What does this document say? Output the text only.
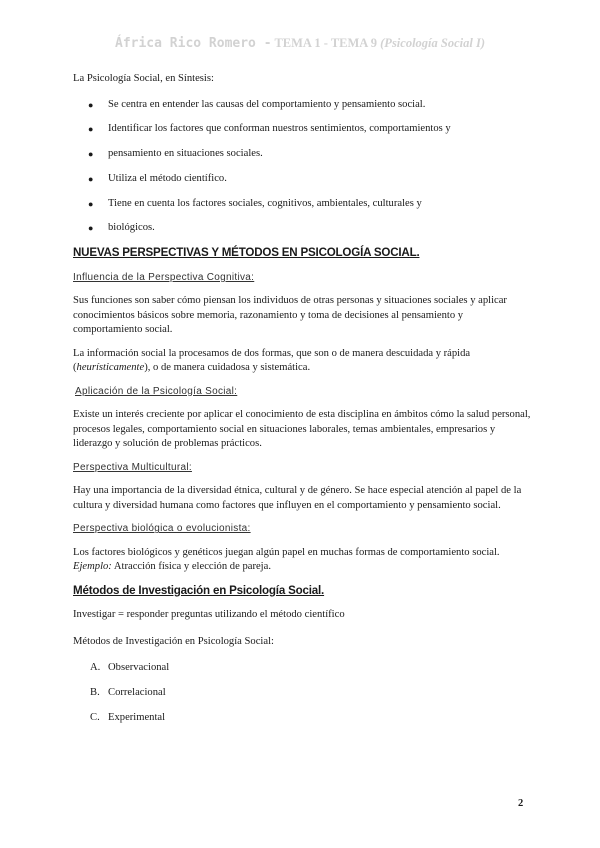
África Rico Romero - TEMA 1 - TEMA 9 (Psicología Social I)

La Psicología Social, en Síntesis:

● Se centra en entender las causas del comportamiento y pensamiento social.
● Identificar los factores que conforman nuestros sentimientos, comportamientos y
● pensamiento en situaciones sociales.
● Utiliza el método científico.
● Tiene en cuenta los factores sociales, cognitivos, ambientales, culturales y
● biológicos.
NUEVAS PERSPECTIVAS Y MÉTODOS EN PSICOLOGÍA SOCIAL.
Influencia de la Perspectiva Cognitiva:

Sus funciones son saber cómo piensan los individuos de otras personas y situaciones sociales y aplicar conocimientos básicos sobre memoria, razonamiento y toma de decisiones al pensamiento y comportamiento social.

La información social la procesamos de dos formas, que son o de manera descuidada y rápida (heurísticamente), o de manera cuidadosa y sistemática.

Aplicación de la Psicología Social:

Existe un interés creciente por aplicar el conocimiento de esta disciplina en ámbitos cómo la salud personal, procesos legales, comportamiento social en situaciones laborales, temas ambientales, empresarios y liderazgo y solución de problemas prácticos.

Perspectiva Multicultural:

Hay una importancia de la diversidad étnica, cultural y de género. Se hace especial atención al papel de la cultura y diversidad humana como factores que influyen en el comportamiento y pensamiento social.

Perspectiva biológica o evolucionista:

Los factores biológicos y genéticos juegan algún papel en muchas formas de comportamiento social.
Ejemplo: Atracción física y elección de pareja.

Métodos de Investigación en Psicología Social.

Investigar = responder preguntas utilizando el método científico

Métodos de Investigación en Psicología Social:

A. Observacional
B. Correlacional
C. Experimental
2
